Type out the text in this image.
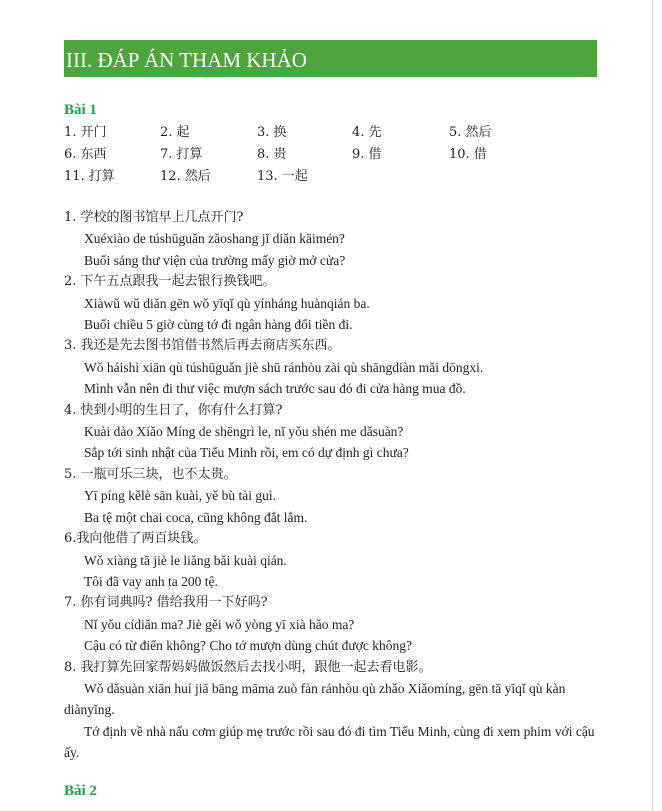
III. ĐÁP ÁN THAM KHẢO
Bài 1
1. 开门	2. 起	3. 换	4. 先	5. 然后
6. 东西	7. 打算	8. 贵	9. 借	10. 借
11. 打算	12. 然后	13. 一起
1. 学校的图书馆早上几点开门?
Xuéxiào de túshūguǎn zǎoshang jǐ diǎn kāimén?
Buổi sáng thư viện của trường mấy giờ mở cửa?
2. 下午五点跟我一起去银行换钱吧。
Xiàwǔ wǔ diǎn gēn wǒ yīqǐ qù yínháng huànqián ba.
Buổi chiều 5 giờ cùng tớ đi ngân hàng đổi tiền đi.
3. 我还是先去图书馆借书然后再去商店买东西。
Wǒ háishì xiān qù túshūguǎn jiè shū ránhòu zài qù shāngdiàn mǎi dōngxi.
Mình vẫn nên đi thư việc mượn sách trước sau đó đi cửa hàng mua đồ.
4. 快到小明的生日了，你有什么打算?
Kuài dào Xiǎo Míng de shēngrì le, nǐ yǒu shén me dǎsuàn?
Sắp tới sinh nhật của Tiểu Minh rồi, em có dự định gì chưa?
5. 一瓶可乐三块，也不太贵。
Yī píng kělè sān kuài, yě bù tài guì.
Ba tệ một chai coca, cũng không đắt lắm.
6.我向他借了两百块钱。
Wǒ xiàng tā jiè le liǎng bǎi kuài qián.
Tôi đã vay anh ta 200 tệ.
7. 你有词典吗? 借给我用一下好吗?
Nǐ yǒu cídiǎn ma? Jiè gěi wǒ yòng yī xià hǎo ma?
Cậu có từ điển không? Cho tớ mượn dùng chút được không?
8. 我打算先回家帮妈妈做饭然后去找小明，跟他一起去看电影。
Wǒ dǎsuàn xiān huí jiā bāng māma zuò fàn ránhòu qù zhǎo Xiǎomíng, gēn tā yīqǐ qù kàn diànyǐng.
Tớ định về nhà nấu cơm giúp mẹ trước rồi sau đó đi tìm Tiểu Minh, cùng đi xem phim với cậu ấy.
Bài 2
